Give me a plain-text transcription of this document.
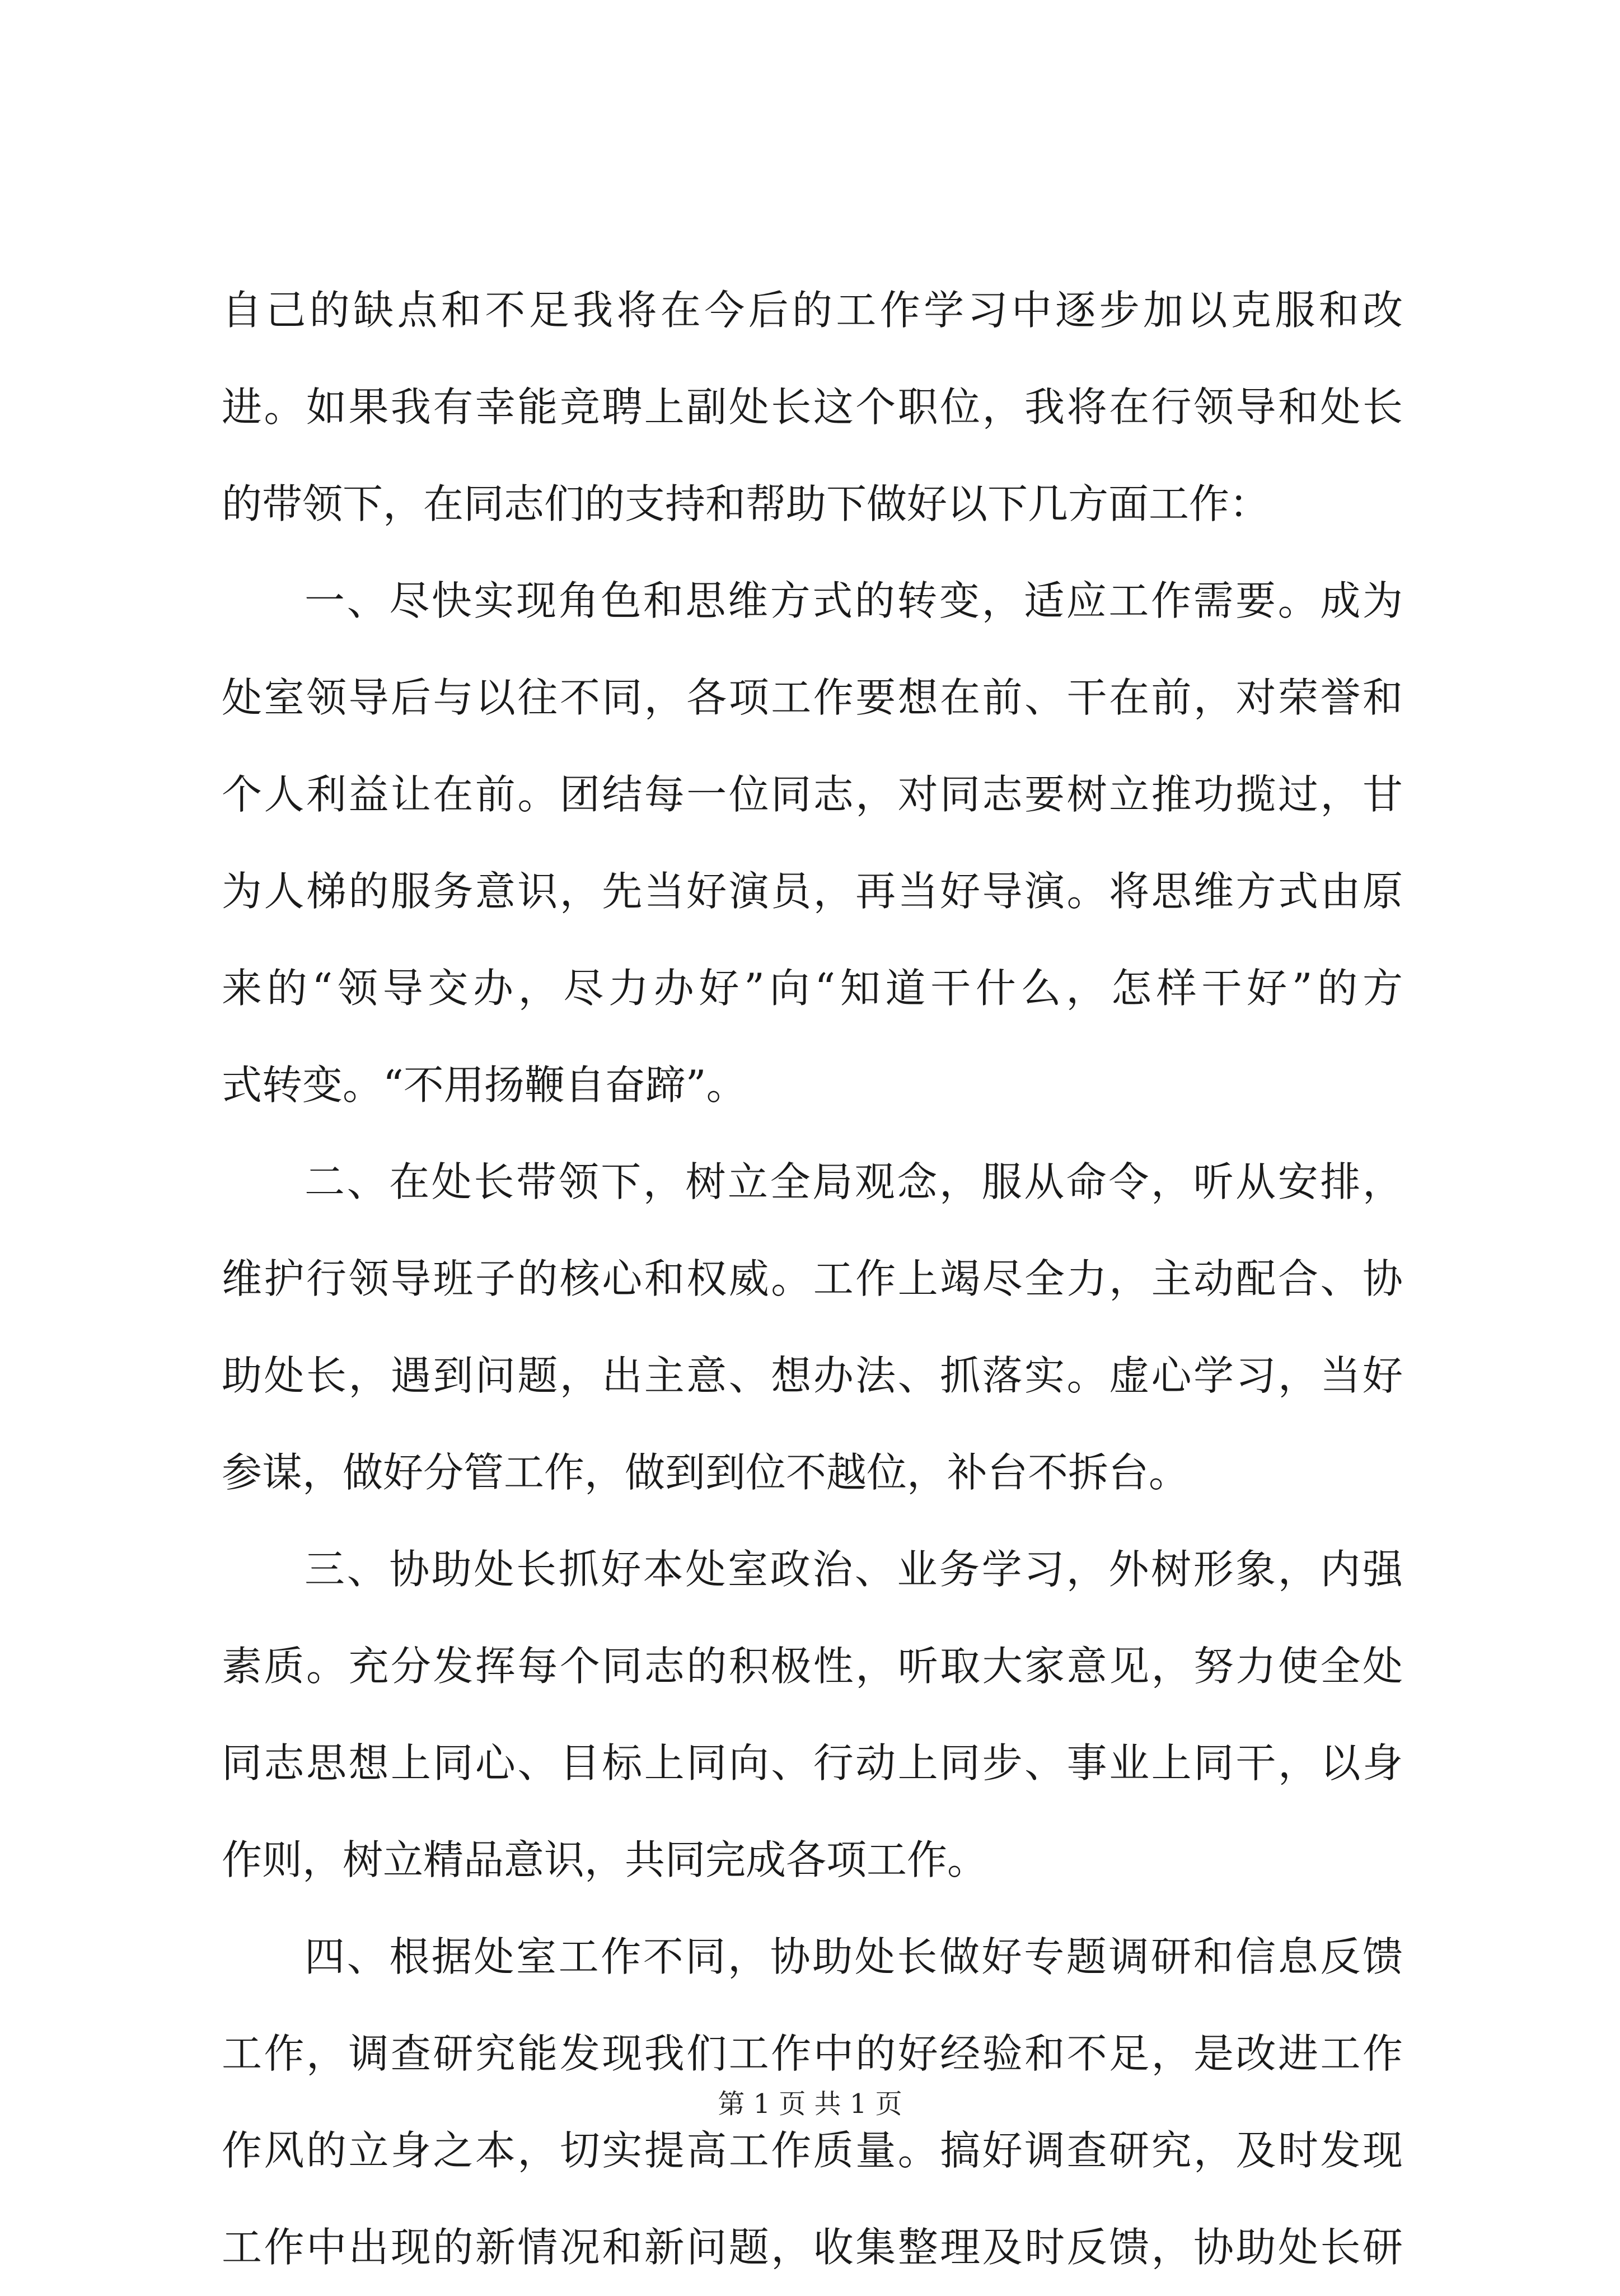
自己的缺点和不足我将在今后的工作学习中逐步加以克服和改
进。如果我有幸能竞聘上副处长这个职位，我将在行领导和处长
的带领下，在同志们的支持和帮助下做好以下几方面工作：
一、尽快实现角色和思维方式的转变，适应工作需要。成为
处室领导后与以往不同，各项工作要想在前、干在前，对荣誉和
个人利益让在前。团结每一位同志，对同志要树立推功揽过，甘
为人梯的服务意识，先当好演员，再当好导演。将思维方式由原
来的“领导交办，尽力办好”向“知道干什么，怎样干好”的方
式转变。“不用扬鞭自奋蹄”。
二、在处长带领下，树立全局观念，服从命令，听从安排，
维护行领导班子的核心和权威。工作上竭尽全力，主动配合、协
助处长，遇到问题，出主意、想办法、抓落实。虚心学习，当好
参谋，做好分管工作，做到到位不越位，补台不拆台。
三、协助处长抓好本处室政治、业务学习，外树形象，内强
素质。充分发挥每个同志的积极性，听取大家意见，努力使全处
同志思想上同心、目标上同向、行动上同步、事业上同干，以身
作则，树立精品意识，共同完成各项工作。
四、根据处室工作不同，协助处长做好专题调研和信息反馈
工作，调查研究能发现我们工作中的好经验和不足，是改进工作
作风的立身之本，切实提高工作质量。搞好调查研究，及时发现
工作中出现的新情况和新问题，收集整理及时反馈，协助处长研
第 1 页 共 1 页
